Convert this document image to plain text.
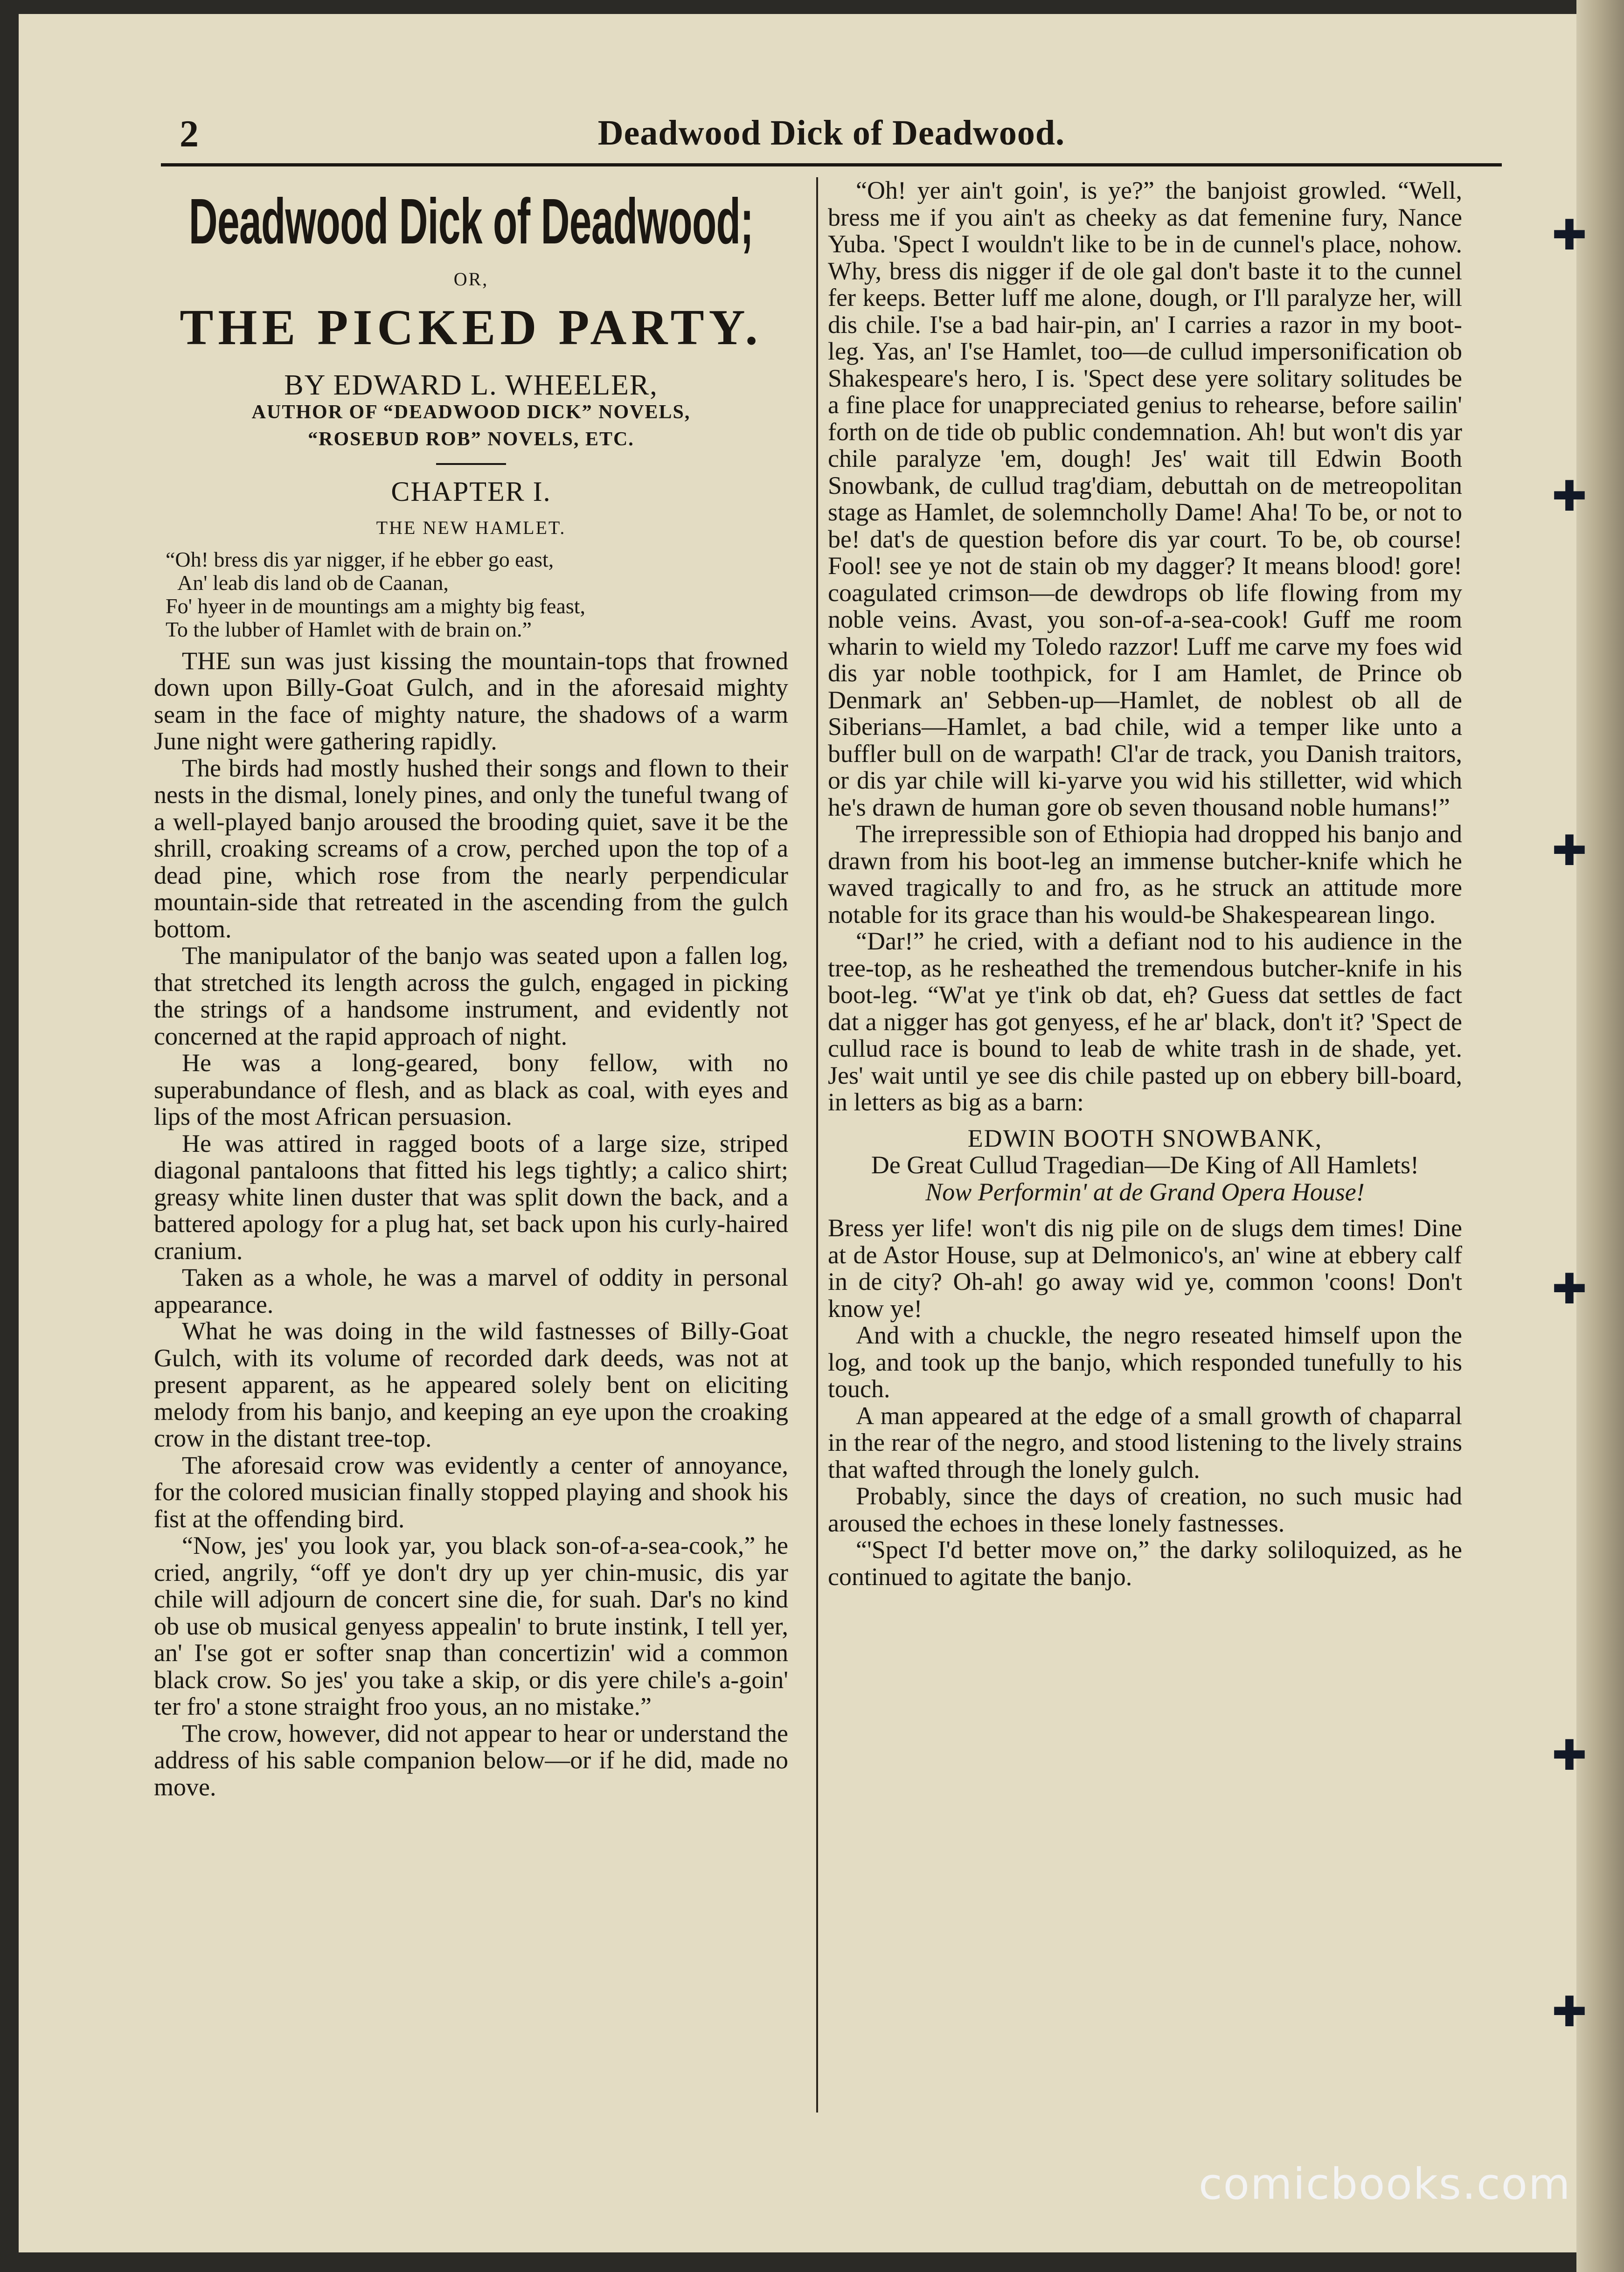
2	Deadwood Dick of Deadwood.
✚
✚
✚
✚
✚
✚
Deadwood Dick of Deadwood;
OR,
THE PICKED PARTY.
BY EDWARD L. WHEELER,
AUTHOR OF “DEADWOOD DICK” NOVELS,
“ROSEBUD ROB” NOVELS, ETC.
CHAPTER I.
THE NEW HAMLET.
“Oh! bress dis yar nigger, if he ebber go east,
An' leab dis land ob de Caanan,
Fo' hyeer in de mountings am a mighty big feast,
To the lubber of Hamlet with de brain on.”

THE sun was just kissing the mountain-tops that frowned down upon Billy-Goat Gulch, and in the aforesaid mighty seam in the face of mighty nature, the shadows of a warm June night were gathering rapidly.

The birds had mostly hushed their songs and flown to their nests in the dismal, lonely pines, and only the tuneful twang of a well-played banjo aroused the brooding quiet, save it be the shrill, croaking screams of a crow, perched upon the top of a dead pine, which rose from the nearly perpendicular mountain-side that retreated in the ascending from the gulch bottom.

The manipulator of the banjo was seated upon a fallen log, that stretched its length across the gulch, engaged in picking the strings of a handsome instrument, and evidently not concerned at the rapid approach of night.

He was a long-geared, bony fellow, with no superabundance of flesh, and as black as coal, with eyes and lips of the most African persuasion.

He was attired in ragged boots of a large size, striped diagonal pantaloons that fitted his legs tightly; a calico shirt; greasy white linen duster that was split down the back, and a battered apology for a plug hat, set back upon his curly-haired cranium.

Taken as a whole, he was a marvel of oddity in personal appearance.

What he was doing in the wild fastnesses of Billy-Goat Gulch, with its volume of recorded dark deeds, was not at present apparent, as he appeared solely bent on eliciting melody from his banjo, and keeping an eye upon the croaking crow in the distant tree-top.

The aforesaid crow was evidently a center of annoyance, for the colored musician finally stopped playing and shook his fist at the offending bird.

“Now, jes' you look yar, you black son-of-a-sea-cook,” he cried, angrily, “off ye don't dry up yer chin-music, dis yar chile will adjourn de concert sine die, for suah. Dar's no kind ob use ob musical genyess appealin' to brute instink, I tell yer, an' I'se got er softer snap than concertizin' wid a common black crow. So jes' you take a skip, or dis yere chile's a-goin' ter fro' a stone straight froo yous, an no mistake.”

The crow, however, did not appear to hear or understand the address of his sable companion below—or if he did, made no move.

“Oh! yer ain't goin', is ye?” the banjoist growled. “Well, bress me if you ain't as cheeky as dat femenine fury, Nance Yuba. 'Spect I wouldn't like to be in de cunnel's place, nohow. Why, bress dis nigger if de ole gal don't baste it to the cunnel fer keeps. Better luff me alone, dough, or I'll paralyze her, will dis chile. I'se a bad hair-pin, an' I carries a razor in my boot-leg. Yas, an' I'se Hamlet, too—de cullud impersonification ob Shakespeare's hero, I is. 'Spect dese yere solitary solitudes be a fine place for unappreciated genius to rehearse, before sailin' forth on de tide ob public condemnation. Ah! but won't dis yar chile paralyze 'em, dough! Jes' wait till Edwin Booth Snowbank, de cullud trag'diam, debuttah on de metreopolitan stage as Hamlet, de solemncholly Dame! Aha! To be, or not to be! dat's de question before dis yar court. To be, ob course! Fool! see ye not de stain ob my dagger? It means blood! gore! coagulated crimson—de dewdrops ob life flowing from my noble veins. Avast, you son-of-a-sea-cook! Guff me room wharin to wield my Toledo razzor! Luff me carve my foes wid dis yar noble toothpick, for I am Hamlet, de Prince ob Denmark an' Sebben-up—Hamlet, de noblest ob all de Siberians—Hamlet, a bad chile, wid a temper like unto a buffler bull on de warpath! Cl'ar de track, you Danish traitors, or dis yar chile will ki-yarve you wid his stilletter, wid which he's drawn de human gore ob seven thousand noble humans!”

The irrepressible son of Ethiopia had dropped his banjo and drawn from his boot-leg an immense butcher-knife which he waved tragically to and fro, as he struck an attitude more notable for its grace than his would-be Shakespearean lingo.

“Dar!” he cried, with a defiant nod to his audience in the tree-top, as he resheathed the tremendous butcher-knife in his boot-leg. “W'at ye t'ink ob dat, eh? Guess dat settles de fact dat a nigger has got genyess, ef he ar' black, don't it? 'Spect de cullud race is bound to leab de white trash in de shade, yet. Jes' wait until ye see dis chile pasted up on ebbery bill-board, in letters as big as a barn:

EDWIN BOOTH SNOWBANK,
De Great Cullud Tragedian—De King of All Hamlets!
Now Performin' at de Grand Opera House!

Bress yer life! won't dis nig pile on de slugs dem times! Dine at de Astor House, sup at Delmonico's, an' wine at ebbery calf in de city? Oh-ah! go away wid ye, common 'coons! Don't know ye!

And with a chuckle, the negro reseated himself upon the log, and took up the banjo, which responded tunefully to his touch.

A man appeared at the edge of a small growth of chaparral in the rear of the negro, and stood listening to the lively strains that wafted through the lonely gulch.

Probably, since the days of creation, no such music had aroused the echoes in these lonely fastnesses.

“'Spect I'd better move on,” the darky soliloquized, as he continued to agitate the banjo.

comicbooks.com
